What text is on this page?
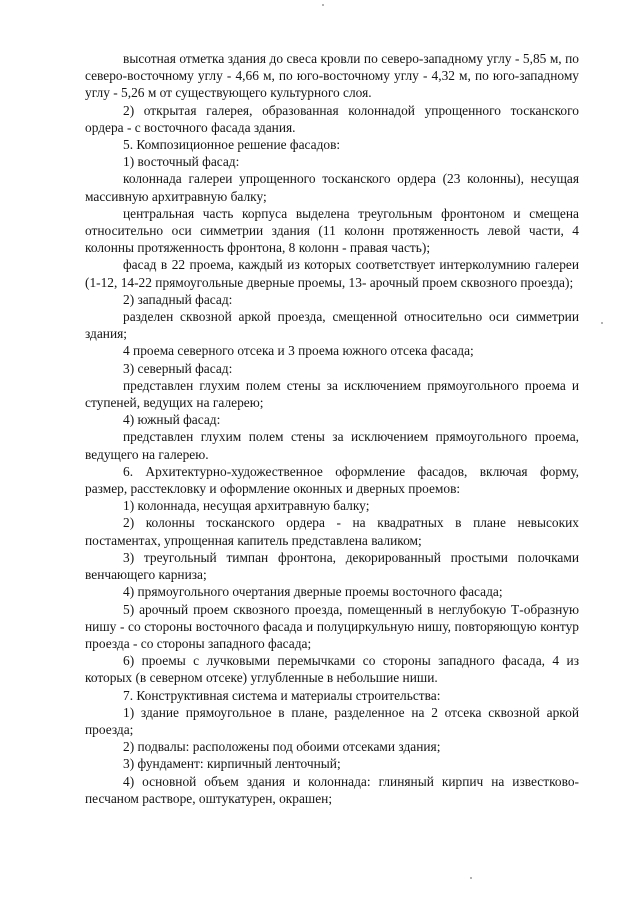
высотная отметка здания до свеса кровли по северо-западному углу - 5,85 м, по северо-восточному углу - 4,66 м, по юго-восточному углу - 4,32 м, по юго-западному углу - 5,26 м от существующего культурного слоя.

2) открытая галерея, образованная колоннадой упрощенного тосканского ордера - с восточного фасада здания.

5. Композиционное решение фасадов:

1) восточный фасад:

колоннада галереи упрощенного тосканского ордера (23 колонны), несущая массивную архитравную балку;

центральная часть корпуса выделена треугольным фронтоном и смещена относительно оси симметрии здания (11 колонн протяженность левой части, 4 колонны протяженность фронтона, 8 колонн - правая часть);

фасад в 22 проема, каждый из которых соответствует интерколумнию галереи (1-12, 14-22 прямоугольные дверные проемы, 13- арочный проем сквозного проезда);

2) западный фасад:

разделен сквозной аркой проезда, смещенной относительно оси симметрии здания;

4 проема северного отсека и 3 проема южного отсека фасада;

3) северный фасад:

представлен глухим полем стены за исключением прямоугольного проема и ступеней, ведущих на галерею;

4) южный фасад:

представлен глухим полем стены за исключением прямоугольного проема, ведущего на галерею.

6. Архитектурно-художественное оформление фасадов, включая форму, размер, расстекловку и оформление оконных и дверных проемов:

1) колоннада, несущая архитравную балку;

2) колонны тосканского ордера - на квадратных в плане невысоких постаментах, упрощенная капитель представлена валиком;

3) треугольный тимпан фронтона, декорированный простыми полочками венчающего карниза;

4) прямоугольного очертания дверные проемы восточного фасада;

5) арочный проем сквозного проезда, помещенный в неглубокую Т-образную нишу - со стороны восточного фасада и полуциркульную нишу, повторяющую контур проезда - со стороны западного фасада;

6) проемы с лучковыми перемычками со стороны западного фасада, 4 из которых (в северном отсеке) углубленные в небольшие ниши.

7. Конструктивная система и материалы строительства:

1) здание прямоугольное в плане, разделенное на 2 отсека сквозной аркой проезда;

2) подвалы: расположены под обоими отсеками здания;

3) фундамент: кирпичный ленточный;

4) основной объем здания и колоннада: глиняный кирпич на известково-песчаном растворе, оштукатурен, окрашен;
